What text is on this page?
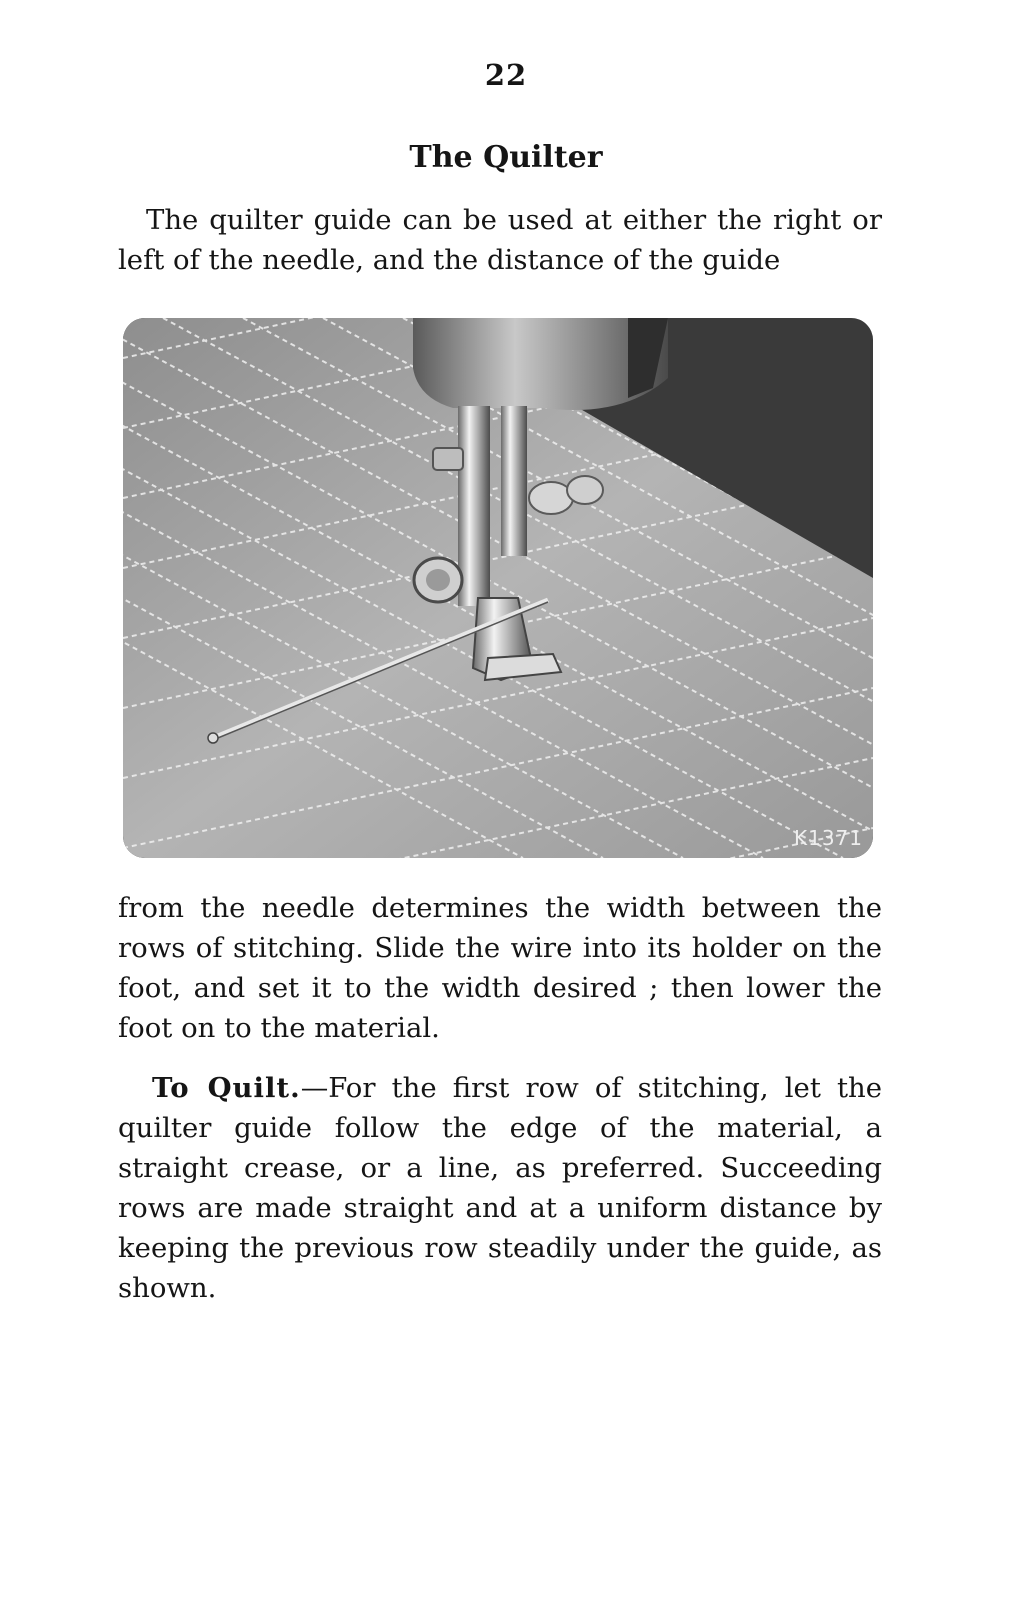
22
The Quilter

The quilter guide can be used at either the right or left of the needle, and the distance of the guide

K1371

from the needle determines the width between the rows of stitching. Slide the wire into its holder on the foot, and set it to the width desired ; then lower the foot on to the material.

To Quilt.—For the first row of stitching, let the quilter guide follow the edge of the material, a straight crease, or a line, as preferred. Succeeding rows are made straight and at a uniform distance by keeping the previous row steadily under the guide, as shown.
